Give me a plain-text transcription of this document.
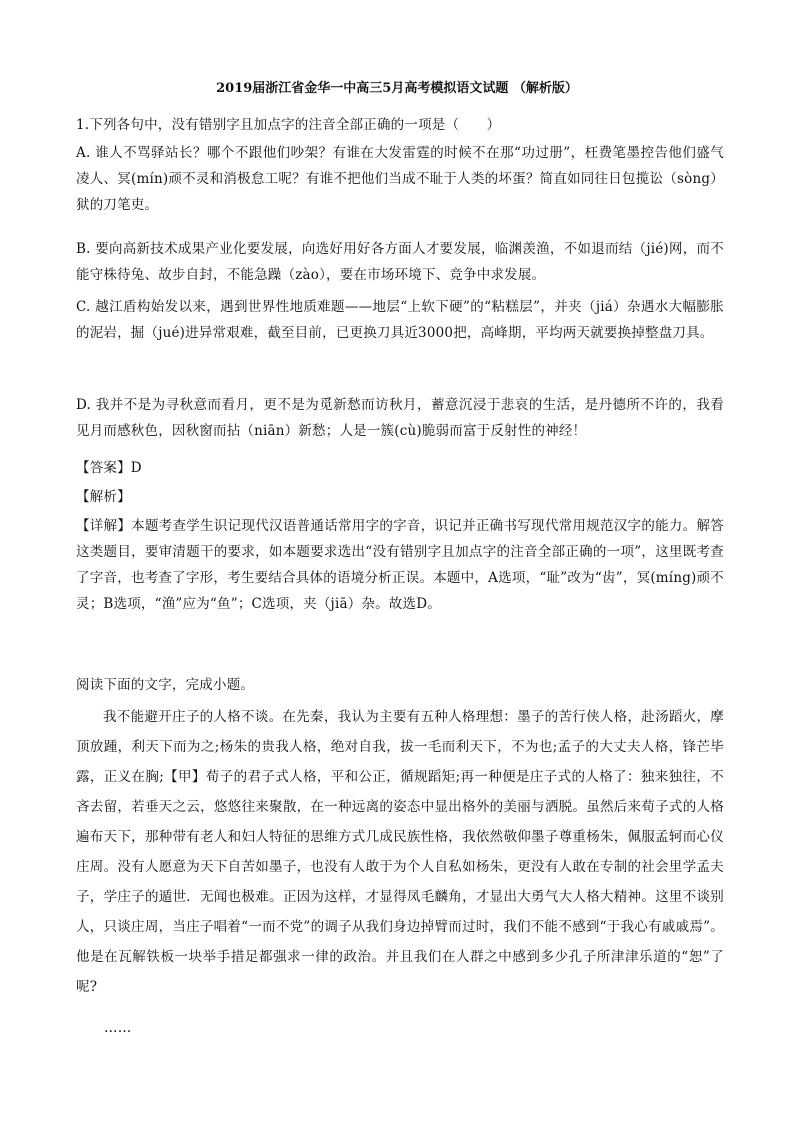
2019届浙江省金华一中高三5月高考模拟语文试题 （解析版）

1.下列各句中，没有错别字且加点字的注音全部正确的一项是（　　）

A. 谁人不骂驿站长？哪个不跟他们吵架？有谁在大发雷霆的时候不在那“功过册”，枉费笔墨控告他们盛气凌人、冥(mín)顽不灵和消极怠工呢？有谁不把他们当成不耻于人类的坏蛋？简直如同往日包揽讼（sòng）狱的刀笔吏。

B. 要向高新技术成果产业化要发展，向选好用好各方面人才要发展，临渊羡渔，不如退而结（jié)网，而不能守株待兔、故步自封，不能急躁（zào），要在市场环境下、竞争中求发展。

C. 越江盾构始发以来，遇到世界性地质难题——地层“上软下硬”的“粘糕层”，并夹（jiá）杂遇水大幅膨胀的泥岩，掘（jué)进异常艰难，截至目前，已更换刀具近3000把，高峰期，平均两天就要换掉整盘刀具。

D. 我并不是为寻秋意而看月，更不是为觅新愁而访秋月，蓄意沉浸于悲哀的生活，是丹德所不许的，我看见月而感秋色，因秋窗而拈（niān）新愁；人是一簇(cù)脆弱而富于反射性的神经！

【答案】D

【解析】

【详解】本题考查学生识记现代汉语普通话常用字的字音，识记并正确书写现代常用规范汉字的能力。解答这类题目，要审清题干的要求，如本题要求选出“没有错别字且加点字的注音全部正确的一项”，这里既考查了字音，也考查了字形，考生要结合具体的语境分析正误。本题中，A选项，“耻”改为“齿”，冥(míng)顽不灵；B选项，“渔”应为“鱼”；C选项，夹（jiā）杂。故选D。

阅读下面的文字，完成小题。

我不能避开庄子的人格不谈。在先秦，我认为主要有五种人格理想：墨子的苦行侠人格，赴汤蹈火，摩顶放踵，利天下而为之;杨朱的贵我人格，绝对自我，拔一毛而利天下，不为也;孟子的大丈夫人格，锋芒毕露，正义在胸;【甲】荀子的君子式人格，平和公正，循规蹈矩;再一种便是庄子式的人格了：独来独往，不吝去留，若垂天之云，悠悠往来聚散，在一种远离的姿态中显出格外的美丽与洒脱。虽然后来荀子式的人格遍布天下，那种带有老人和妇人特征的思维方式几成民族性格，我依然敬仰墨子尊重杨朱，佩服孟轲而心仪庄周。没有人愿意为天下自苦如墨子，也没有人敢于为个人自私如杨朱，更没有人敢在专制的社会里学孟夫子，学庄子的遁世．无闻也极难。正因为这样，才显得凤毛麟角，才显出大勇气大人格大精神。这里不谈别人，只谈庄周，当庄子唱着“一而不党”的调子从我们身边掉臂而过时，我们不能不感到“于我心有戚戚焉”。他是在瓦解铁板一块举手措足都强求一律的政治。并且我们在人群之中感到多少孔子所津津乐道的“恕”了呢?

……
